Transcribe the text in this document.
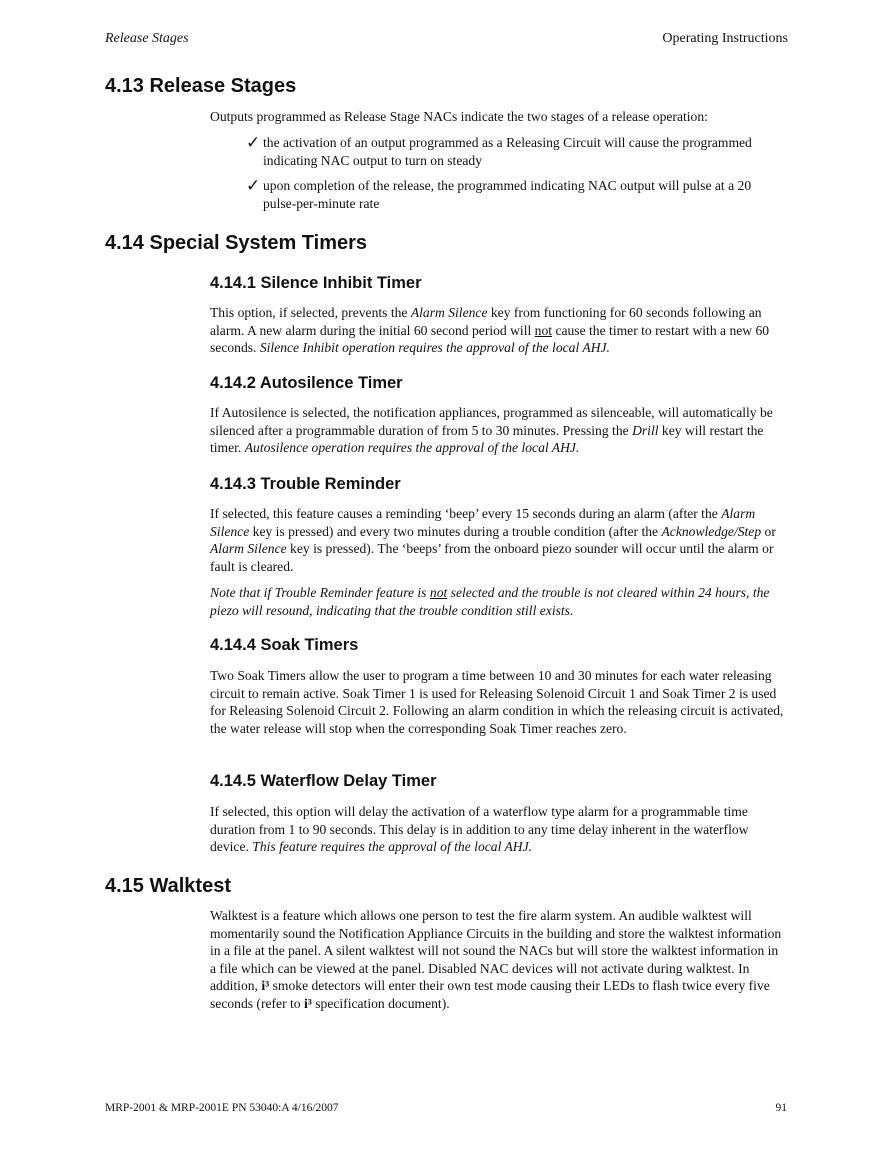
Release Stages	Operating Instructions
4.13 Release Stages

Outputs programmed as Release Stage NACs indicate the two stages of a release operation:

✓ the activation of an output programmed as a Releasing Circuit will cause the programmed indicating NAC output to turn on steady

✓ upon completion of the release, the programmed indicating NAC output will pulse at a 20 pulse-per-minute rate

4.14 Special System Timers
4.14.1 Silence Inhibit Timer

This option, if selected, prevents the Alarm Silence key from functioning for 60 seconds following an alarm. A new alarm during the initial 60 second period will not cause the timer to restart with a new 60 seconds. Silence Inhibit operation requires the approval of the local AHJ.

4.14.2 Autosilence Timer

If Autosilence is selected, the notification appliances, programmed as silenceable, will automatically be silenced after a programmable duration of from 5 to 30 minutes. Pressing the Drill key will restart the timer. Autosilence operation requires the approval of the local AHJ.

4.14.3 Trouble Reminder

If selected, this feature causes a reminding ‘beep’ every 15 seconds during an alarm (after the Alarm Silence key is pressed) and every two minutes during a trouble condition (after the Acknowledge/Step or Alarm Silence key is pressed). The ‘beeps’ from the onboard piezo sounder will occur until the alarm or fault is cleared.

Note that if Trouble Reminder feature is not selected and the trouble is not cleared within 24 hours, the piezo will resound, indicating that the trouble condition still exists.

4.14.4 Soak Timers

Two Soak Timers allow the user to program a time between 10 and 30 minutes for each water releasing circuit to remain active. Soak Timer 1 is used for Releasing Solenoid Circuit 1 and Soak Timer 2 is used for Releasing Solenoid Circuit 2. Following an alarm condition in which the releasing circuit is activated, the water release will stop when the corresponding Soak Timer reaches zero.

4.14.5 Waterflow Delay Timer

If selected, this option will delay the activation of a waterflow type alarm for a programmable time duration from 1 to 90 seconds. This delay is in addition to any time delay inherent in the waterflow device. This feature requires the approval of the local AHJ.

4.15 Walktest

Walktest is a feature which allows one person to test the fire alarm system. An audible walktest will momentarily sound the Notification Appliance Circuits in the building and store the walktest information in a file at the panel. A silent walktest will not sound the NACs but will store the walktest information in a file which can be viewed at the panel. Disabled NAC devices will not activate during walktest. In addition, i³ smoke detectors will enter their own test mode causing their LEDs to flash twice every five seconds (refer to i³ specification document).

MRP-2001 & MRP-2001E PN 53040:A 4/16/2007	91
